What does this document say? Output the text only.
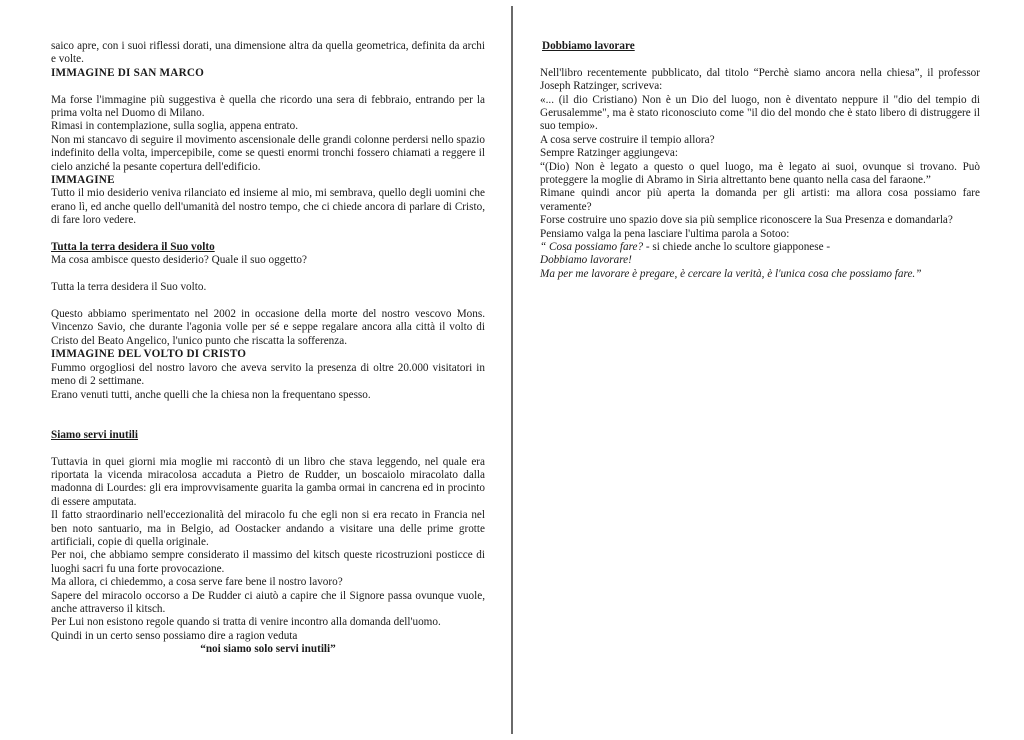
saico apre, con i suoi riflessi dorati, una dimensione altra da quella geometrica, definita da archi e volte.

IMMAGINE DI SAN MARCO

Ma forse l'immagine più suggestiva è quella che ricordo una sera di febbraio, entrando per la prima volta nel Duomo di Milano.

Rimasi in contemplazione, sulla soglia, appena entrato.

Non mi stancavo di seguire il movimento ascensionale delle grandi colonne perdersi nello spazio indefinito della volta, impercepibile, come se questi enormi tronchi fossero chiamati a reggere il cielo anziché la pesante copertura dell'edificio.

IMMAGINE

Tutto il mio desiderio veniva rilanciato ed insieme al mio, mi sembrava, quello degli uomini che erano lì, ed anche quello dell'umanità del nostro tempo, che ci chiede ancora di parlare di Cristo, di fare loro vedere.

Tutta la terra desidera il Suo volto

Ma cosa ambisce questo desiderio? Quale il suo oggetto?

Tutta la terra desidera il Suo volto.

Questo abbiamo sperimentato nel 2002 in occasione della morte del nostro vescovo Mons. Vincenzo Savio, che durante l'agonia volle per sé e seppe regalare ancora alla città il volto di Cristo del Beato Angelico, l'unico punto che riscatta la sofferenza.

IMMAGINE DEL VOLTO DI CRISTO

Fummo orgogliosi del nostro lavoro che aveva servito la presenza di oltre 20.000 visitatori in meno di 2 settimane.

Erano venuti tutti, anche quelli che la chiesa non la frequentano spesso.

Siamo servi inutili

Tuttavia in quei giorni mia moglie mi raccontò di un libro che stava leggendo, nel quale era riportata la vicenda miracolosa accaduta a Pietro de Rudder, un boscaiolo miracolato dalla madonna di Lourdes: gli era improvvisamente guarita la gamba ormai in cancrena ed in procinto di essere amputata.

Il fatto straordinario nell'eccezionalità del miracolo fu che egli non si era recato in Francia nel ben noto santuario, ma in Belgio, ad Oostacker andando a visitare una delle prime grotte artificiali, copie di quella originale.

Per noi, che abbiamo sempre considerato il massimo del kitsch queste ricostruzioni posticce di luoghi sacri fu una forte provocazione.

Ma allora, ci chiedemmo, a cosa serve fare bene il nostro lavoro?

Sapere del miracolo occorso a De Rudder ci aiutò a capire che il Signore passa ovunque vuole, anche attraverso il kitsch.

Per Lui non esistono regole quando si tratta di venire incontro alla domanda dell'uomo.

Quindi in un certo senso possiamo dire a ragion veduta

“noi siamo solo servi inutili”

Dobbiamo lavorare

Nell'libro recentemente pubblicato, dal titolo “Perchè siamo ancora nella chiesa”, il professor Joseph Ratzinger, scriveva:

«... (il dio Cristiano) Non è un Dio del luogo, non è diventato neppure il "dio del tempio di Gerusalemme", ma è stato riconosciuto come "il dio del mondo che è stato libero di distruggere il suo tempio».

A cosa serve costruire il tempio allora?

Sempre Ratzinger aggiungeva:

“(Dio) Non è legato a questo o quel luogo, ma è legato ai suoi, ovunque si trovano. Può proteggere la moglie di Abramo in Siria altrettanto bene quanto nella casa del faraone.”

Rimane quindi ancor più aperta la domanda per gli artisti: ma allora cosa possiamo fare veramente?

Forse costruire uno spazio dove sia più semplice riconoscere la Sua Presenza e domandarla?

Pensiamo valga la pena lasciare l'ultima parola a Sotoo:

“ Cosa possiamo fare? - si chiede anche lo scultore giapponese -

Dobbiamo lavorare!

Ma per me lavorare è pregare, è cercare la verità, è l'unica cosa che possiamo fare.”
